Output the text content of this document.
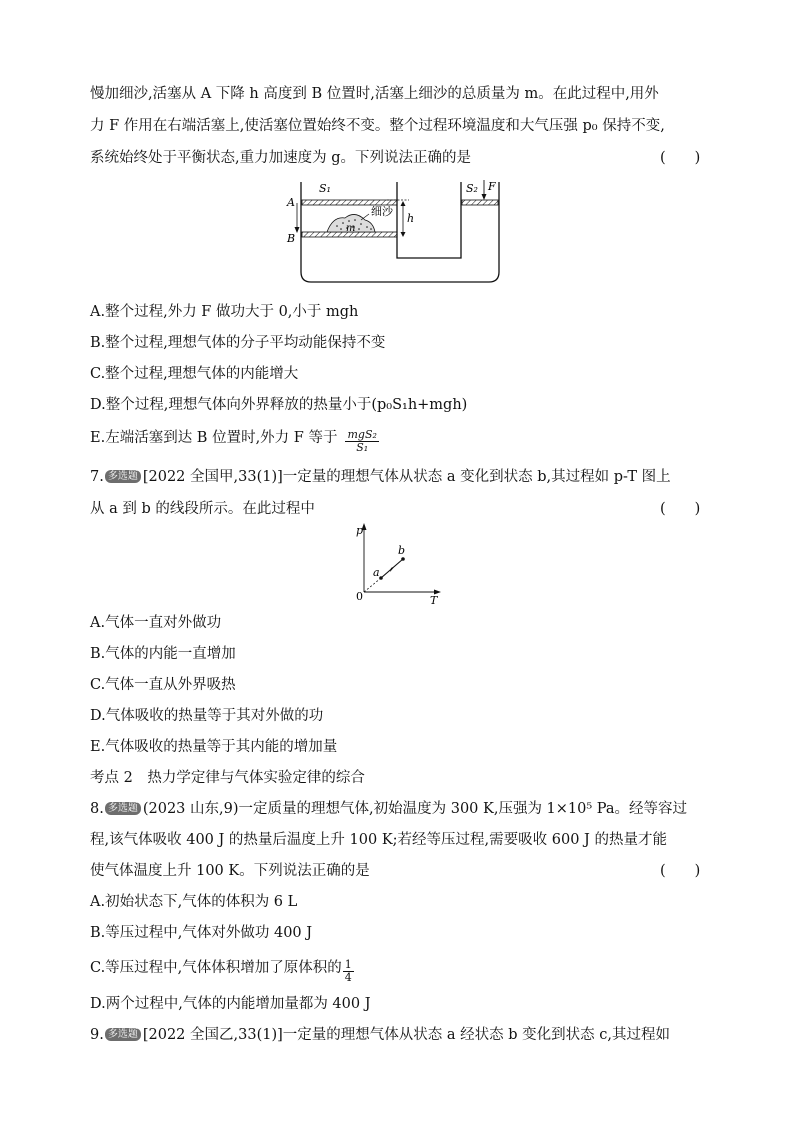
慢加细沙,活塞从 A 下降 h 高度到 B 位置时,活塞上细沙的总质量为 m。在此过程中,用外
力 F 作用在右端活塞上,使活塞位置始终不变。整个过程环境温度和大气压强 p₀ 保持不变,
系统始终处于平衡状态,重力加速度为 g。下列说法正确的是	(　　)
S₁	S₂ F
A
B
h
m
细沙
A.整个过程,外力 F 做功大于 0,小于 mgh
B.整个过程,理想气体的分子平均动能保持不变
C.整个过程,理想气体的内能增大
D.整个过程,理想气体向外界释放的热量小于(p₀S₁h+mgh)
E.左端活塞到达 B 位置时,外力 F 等于 $\frac{\text{mgS₂}}{\text{S₁}}$
7. 多选题 [2022 全国甲,33(1)]一定量的理想气体从状态 a 变化到状态 b,其过程如 p-T 图上
从 a 到 b 的线段所示。在此过程中	(　　)
p
T
0
a
b
A.气体一直对外做功
B.气体的内能一直增加
C.气体一直从外界吸热
D.气体吸收的热量等于其对外做的功
E.气体吸收的热量等于其内能的增加量
考点 2　热力学定律与气体实验定律的综合
8. 多选题 (2023 山东,9)一定质量的理想气体,初始温度为 300 K,压强为 1×10⁵ Pa。经等容过
程,该气体吸收 400 J 的热量后温度上升 100 K;若经等压过程,需要吸收 600 J 的热量才能
使气体温度上升 100 K。下列说法正确的是	(　　)
A.初始状态下,气体的体积为 6 L
B.等压过程中,气体对外做功 400 J
C.等压过程中,气体体积增加了原体积的 $\frac{1}{4}$
D.两个过程中,气体的内能增加量都为 400 J
9. 多选题 [2022 全国乙,33(1)]一定量的理想气体从状态 a 经状态 b 变化到状态 c,其过程如
